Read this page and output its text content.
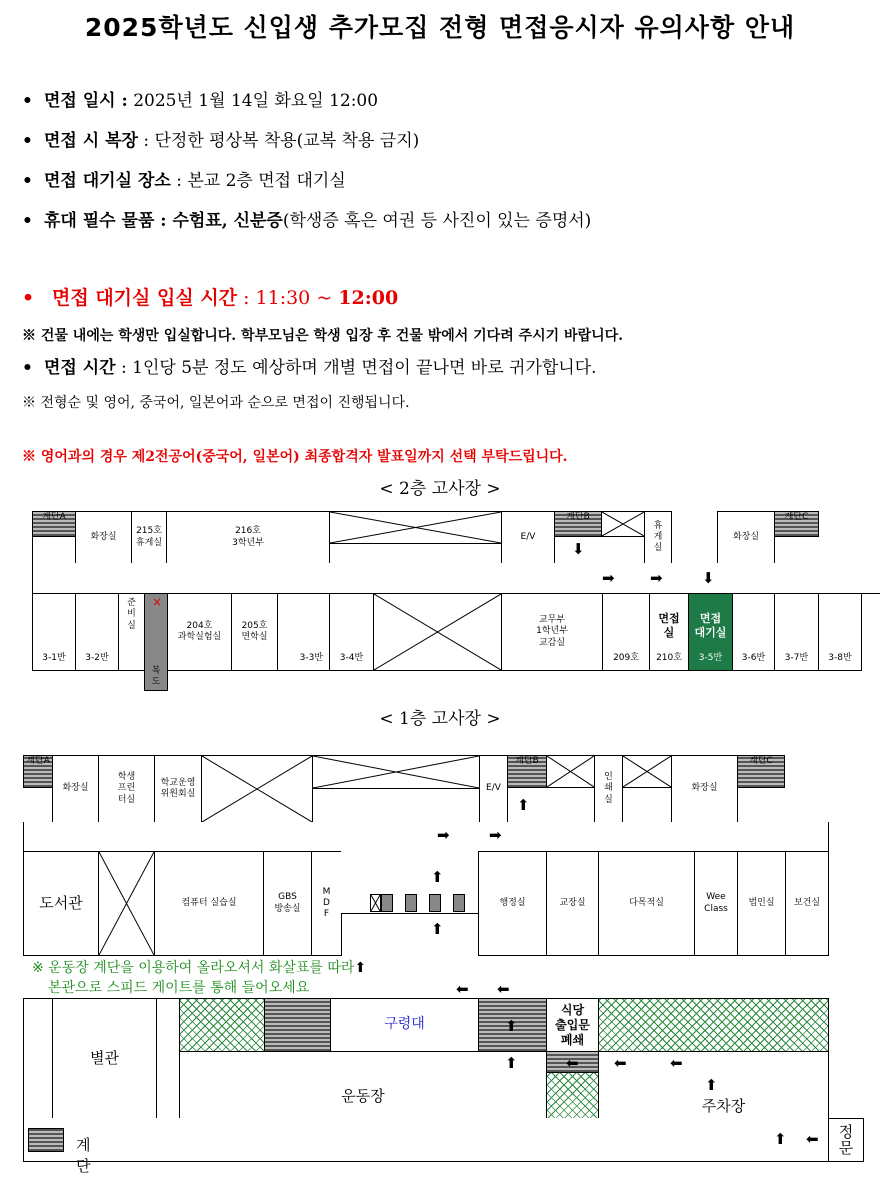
2025학년도 신입생 추가모집 전형 면접응시자 유의사항 안내
• 면접 일시 : 2025년 1월 14일 화요일 12:00
• 면접 시 복장 : 단정한 평상복 착용(교복 착용 금지)
• 면접 대기실 장소 : 본교 2층 면접 대기실
• 휴대 필수 물품 : 수험표, 신분증(학생증 혹은 여권 등 사진이 있는 증명서)
• 면접 대기실 입실 시간 : 11:30 ~ 12:00
※ 건물 내에는 학생만 입실합니다. 학부모님은 학생 입장 후 건물 밖에서 기다려 주시기 바랍니다.
• 면접 시간 : 1인당 5분 정도 예상하며 개별 면접이 끝나면 바로 귀가합니다.
※ 전형순 및 영어, 중국어, 일본어과 순으로 면접이 진행됩니다.
※ 영어과의 경우 제2전공어(중국어, 일본어) 최종합격자 발표일까지 선택 부탁드립니다.
< 2층 고사장 >
계단A
화장실
215호
휴게실
216호
3학년부
E/V
계단B
휴
게
실
화장실
계단C
3-1반	3-2반
준
비
실
복
도
×
204호
과학실험실
205호
면학실
3-3반	3-4반
교무부
1학년부
교감실
209호
면접
실
210호
면접
대기실
3-5반	3-6반	3-7반	3-8반
⬇
➡ ➡	⬇
< 1층 고사장 >
계단A
화장실
학생
프린
터실
학교운영
위원회실
E/V
계단B
인
쇄
실
화장실
계단C
도서관	컴퓨터 실습실
GBS
방송실
M
D
F
행정실	교장실	다목적실
Wee
Class
법인실	보건실
⬆
➡	➡
⬆
⬆
※ 운동장 계단을 이용하여 올라오셔서 화살표를 따라⬆
본관으로 스피드 게이트를 통해 들어오세요	⬅ ⬅
별관
구령대
식당
출입문
폐쇄
운동장
주차장
계단
정
문
⬆
⬆	⬅ ⬅	⬅
⬆
⬆ ⬅
